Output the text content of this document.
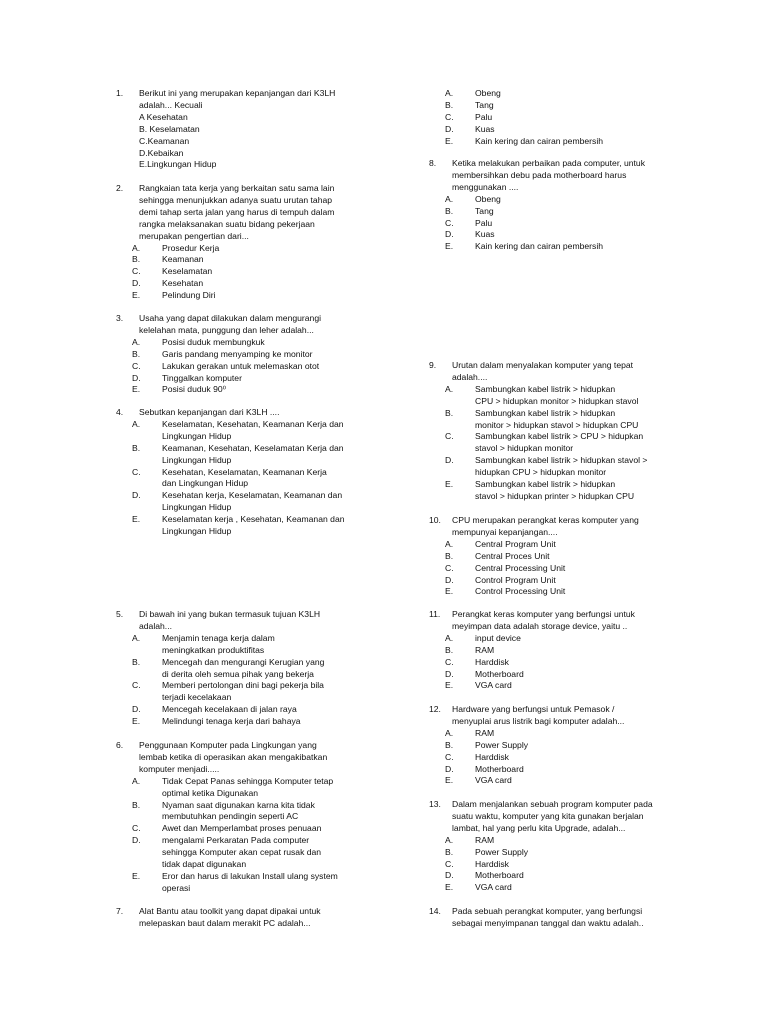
1. Berikut ini yang merupakan kepanjangan dari K3LH
adalah... Kecuali
A Kesehatan
B. Keselamatan
C.Keamanan
D.Kebaikan
E.Lingkungan Hidup
2. Rangkaian tata kerja yang berkaitan satu sama lain
sehingga menunjukkan adanya suatu urutan tahap
demi tahap serta jalan yang harus di tempuh dalam
rangka melaksanakan suatu bidang pekerjaan
merupakan pengertian dari...
A.	Prosedur Kerja
B.	Keamanan
C.	Keselamatan
D.	Kesehatan
E.	Pelindung Diri
3. Usaha yang dapat dilakukan dalam mengurangi
kelelahan mata, punggung dan leher adalah...
A.	Posisi duduk membungkuk
B.	Garis pandang menyamping ke monitor
C.	Lakukan gerakan untuk melemaskan otot
D.	Tinggalkan komputer
E.	Posisi duduk 90⁰
4. Sebutkan kepanjangan dari K3LH ....
A.	Keselamatan, Kesehatan, Keamanan Kerja dan
Lingkungan Hidup
B.	Keamanan, Kesehatan, Keselamatan Kerja dan
Lingkungan Hidup
C.	Kesehatan, Keselamatan, Keamanan Kerja
dan Lingkungan Hidup
D.	Kesehatan kerja, Keselamatan, Keamanan dan
Lingkungan Hidup
E.	Keselamatan kerja , Kesehatan, Keamanan dan
Lingkungan Hidup
5. Di bawah ini yang bukan termasuk tujuan K3LH
adalah...
A.	Menjamin tenaga kerja dalam
meningkatkan produktifitas
B.	Mencegah dan mengurangi Kerugian yang
di derita oleh semua pihak yang bekerja
C.	Memberi pertolongan dini bagi pekerja bila
terjadi kecelakaan
D.	Mencegah kecelakaan di jalan raya
E.	Melindungi tenaga kerja dari bahaya
6. Penggunaan Komputer pada Lingkungan yang
lembab ketika di operasikan akan mengakibatkan
komputer menjadi.....
A.	Tidak Cepat Panas sehingga Komputer tetap
optimal ketika Digunakan
B.	Nyaman saat digunakan karna kita tidak
membutuhkan pendingin seperti AC
C.	Awet dan Memperlambat proses penuaan
D.	mengalami Perkaratan Pada computer
sehingga Komputer akan cepat rusak dan
tidak dapat digunakan
E.	Eror dan harus di lakukan Install ulang system
operasi
7. Alat Bantu atau toolkit yang dapat dipakai untuk
melepaskan baut dalam merakit PC adalah...
A.	Obeng
B.	Tang
C.	Palu
D.	Kuas
E.	Kain kering dan cairan pembersih
8. Ketika melakukan perbaikan pada computer, untuk
membersihkan debu pada motherboard harus
menggunakan ....
A.	Obeng
B.	Tang
C.	Palu
D.	Kuas
E.	Kain kering dan cairan pembersih
9. Urutan dalam menyalakan komputer yang tepat
adalah....
A.	Sambungkan kabel listrik > hidupkan
CPU > hidupkan monitor > hidupkan stavol
B.	Sambungkan kabel listrik > hidupkan
monitor > hidupkan stavol > hidupkan CPU
C.	Sambungkan kabel listrik > CPU > hidupkan
stavol > hidupkan monitor
D.	Sambungkan kabel listrik > hidupkan stavol >
hidupkan CPU > hidupkan monitor
E.	Sambungkan kabel listrik > hidupkan
stavol > hidupkan printer > hidupkan CPU
10. CPU merupakan perangkat keras komputer yang
mempunyai kepanjangan....
A.	Central Program Unit
B.	Central Proces Unit
C.	Central Processing Unit
D.	Control Program Unit
E.	Control Processing Unit
11. Perangkat keras komputer yang berfungsi untuk
meyimpan data adalah storage device, yaitu ..
A.	input device
B.	RAM
C.	Harddisk
D.	Motherboard
E.	VGA card
12. Hardware yang berfungsi untuk Pemasok /
menyuplai arus listrik bagi komputer adalah...
A.	RAM
B.	Power Supply
C.	Harddisk
D.	Motherboard
E.	VGA card
13. Dalam menjalankan sebuah program komputer pada
suatu waktu, komputer yang kita gunakan berjalan
lambat, hal yang perlu kita Upgrade, adalah...
A.	RAM
B.	Power Supply
C.	Harddisk
D.	Motherboard
E.	VGA card
14. Pada sebuah perangkat komputer, yang berfungsi
sebagai menyimpanan tanggal dan waktu adalah..
